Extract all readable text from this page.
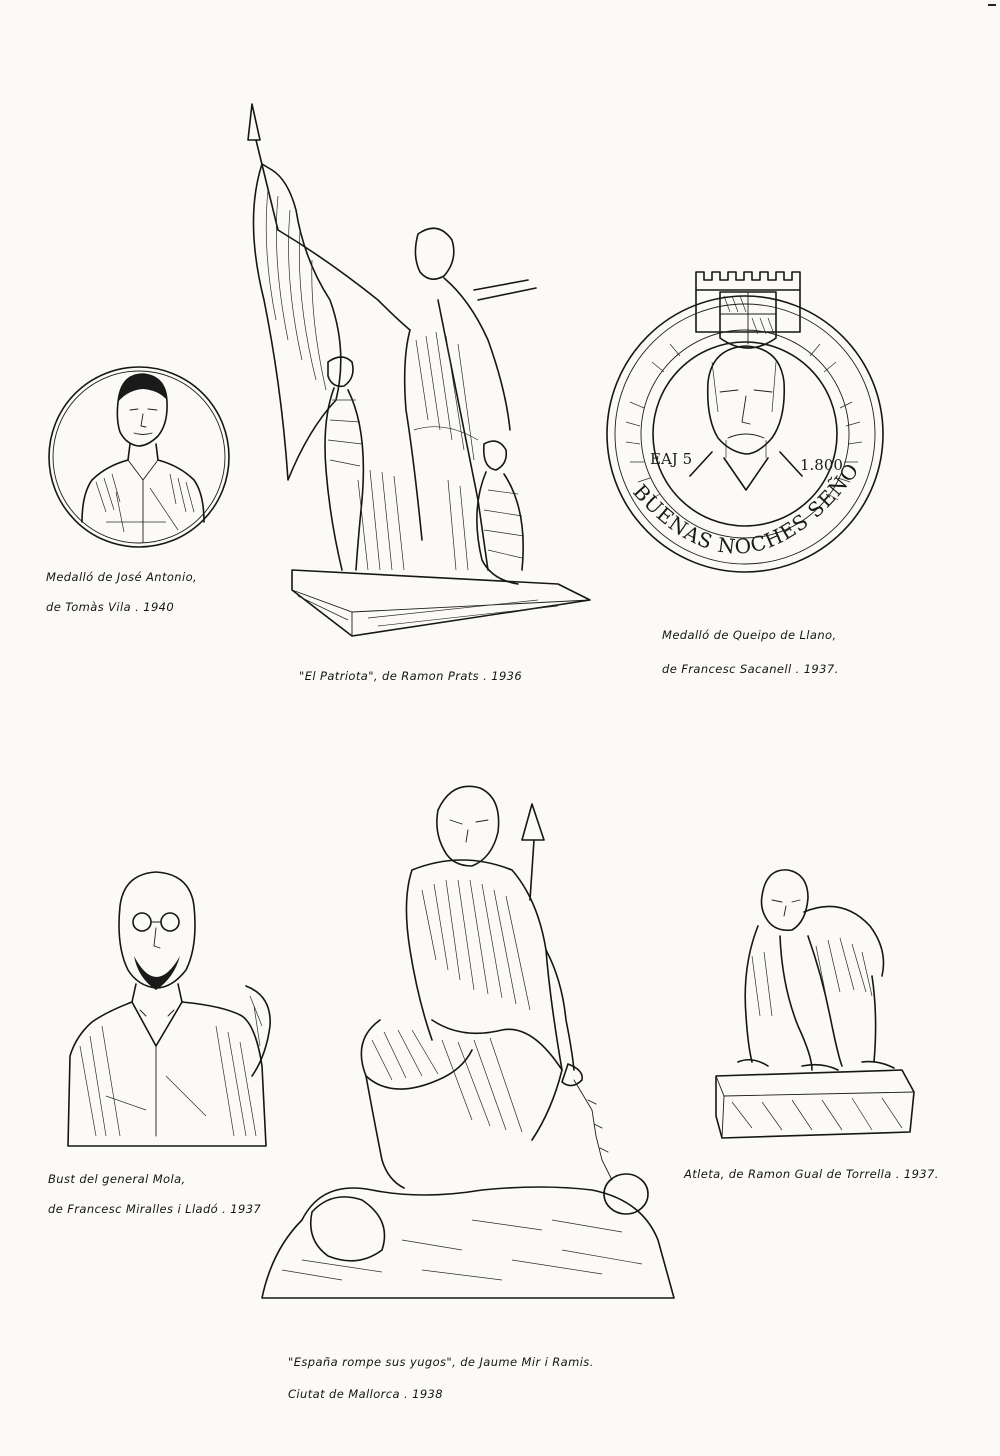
Medalló de José Antonio,
de Tomàs Vila . 1940
"El Patriota", de Ramon Prats . 1936
EAJ 5	1.800
BUENAS NOCHES SEÑORES
Medalló de Queipo de Llano,
de Francesc Sacanell . 1937.
Bust del general Mola,
de Francesc Miralles i Lladó . 1937
"España rompe sus yugos", de Jaume Mir i Ramis.
Ciutat de Mallorca . 1938
Atleta, de Ramon Gual de Torrella . 1937.
